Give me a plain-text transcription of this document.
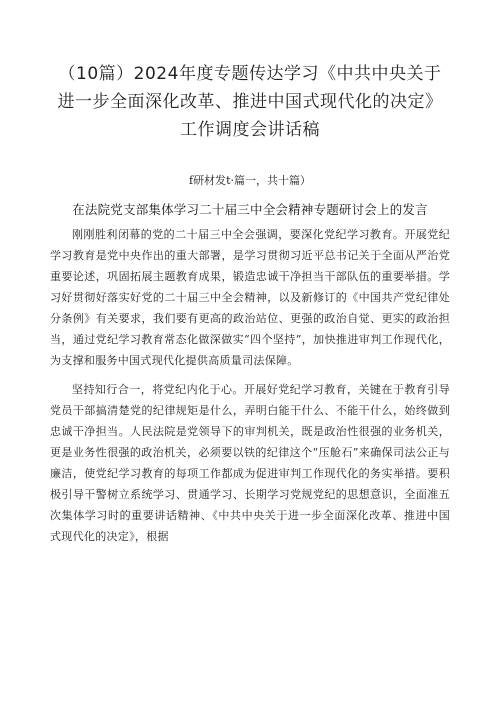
（10篇）2024年度专题传达学习《中共中央关于进一步全面深化改革、推进中国式现代化的决定》工作调度会讲话稿
f研材发t·篇一，共十篇）
在法院党支部集体学习二十届三中全会精神专题研讨会上的发言

刚刚胜利闭幕的党的二十届三中全会强调，要深化党纪学习教育。开展党纪学习教育是党中央作出的重大部署，是学习贯彻习近平总书记关于全面从严治党重要论述，巩固拓展主题教育成果，锻造忠诚干净担当干部队伍的重要举措。学习好贯彻好落实好党的二十届三中全会精神，以及新修订的《中国共产党纪律处分条例》有关要求，我们要有更高的政治站位、更强的政治自觉、更实的政治担当，通过党纪学习教育常态化做深做实“四个坚持”，加快推进审判工作现代化，为支撑和服务中国式现代化提供高质量司法保障。

坚持知行合一，将党纪内化于心。开展好党纪学习教育，关键在于教育引导党员干部搞清楚党的纪律规矩是什么，弄明白能干什么、不能干什么，始终做到忠诚干净担当。人民法院是党领导下的审判机关，既是政治性很强的业务机关，更是业务性很强的政治机关，必须要以铁的纪律这个“压舱石”来确保司法公正与廉洁，使党纪学习教育的每项工作都成为促进审判工作现代化的务实举措。要积极引导干警树立系统学习、贯通学习、长期学习党规党纪的思想意识，全面准五次集体学习时的重要讲话精神、《中共中央关于进一步全面深化改革、推进中国式现代化的决定》，根据
